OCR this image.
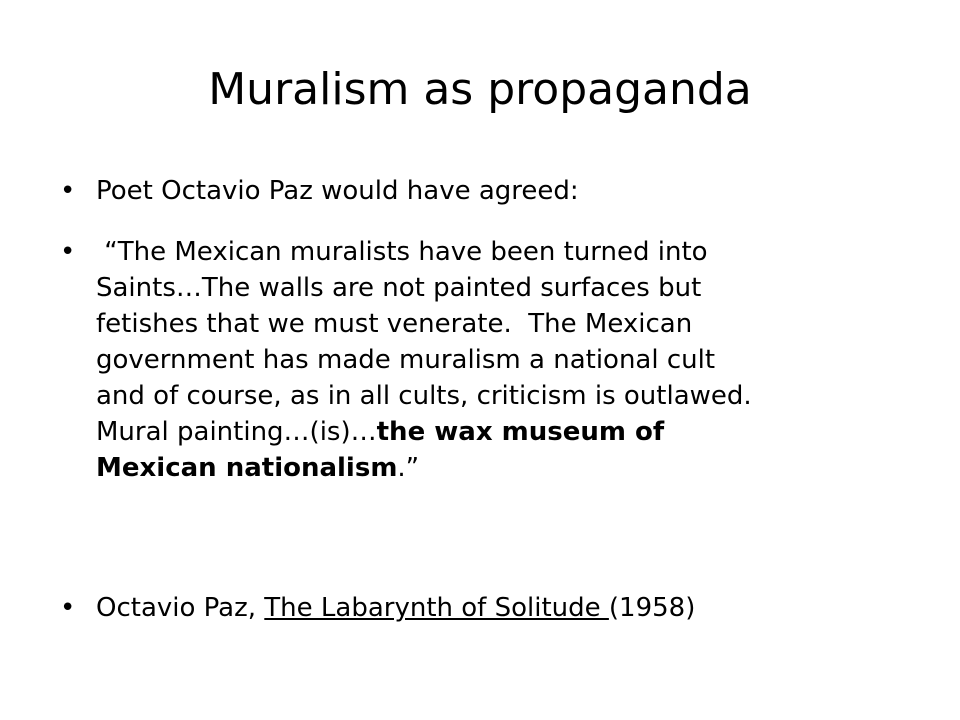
Muralism as propaganda
• Poet Octavio Paz would have agreed:
•  “The Mexican muralists have been turned into
Saints…The walls are not painted surfaces but
fetishes that we must venerate.  The Mexican
government has made muralism a national cult
and of course, as in all cults, criticism is outlawed.
Mural painting…(is)…the wax museum of
Mexican nationalism.”
• Octavio Paz, The Labarynth of Solitude (1958)
